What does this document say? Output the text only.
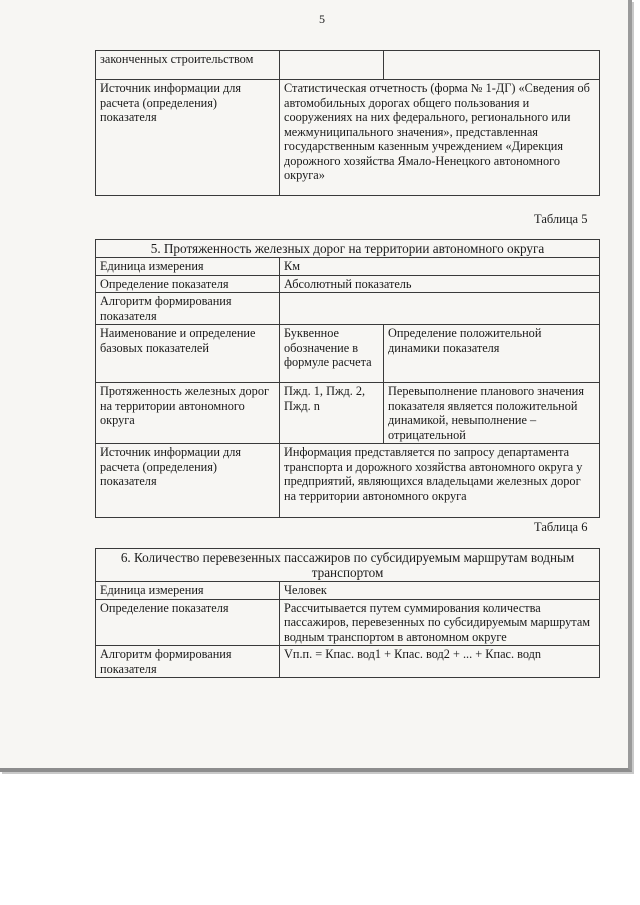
5
законченных строительством		
Источник информации для расчета (определения) показателя	Статистическая отчетность (форма № 1-ДГ) «Сведения об автомобильных дорогах общего пользования и сооружениях на них федерального, регионального или межмуниципального значения», представленная государственным казенным учреждением «Дирекция дорожного хозяйства Ямало-Ненецкого автономного округа»	
Таблица 5
5. Протяженность железных дорог на территории автономного округа		
Единица измерения	Км	
Определение показателя	Абсолютный показатель	
Алгоритм формирования показателя		
Наименование и определение базовых показателей	Буквенное обозначение в формуле расчета	Определение положительной динамики показателя
Протяженность железных дорог на территории автономного округа	Пжд. 1, Пжд. 2, Пжд. n	Перевыполнение планового значения показателя является положительной динамикой, невыполнение – отрицательной
Источник информации для расчета (определения) показателя	Информация представляется по запросу департамента транспорта и дорожного хозяйства автономного округа у предприятий, являющихся владельцами железных дорог на территории автономного округа	
Таблица 6
6. Количество перевезенных пассажиров по субсидируемым маршрутам водным транспортом	
Единица измерения	Человек
Определение показателя	Рассчитывается путем суммирования количества пассажиров, перевезенных по субсидируемым маршрутам водным транспортом в автономном округе
Алгоритм формирования показателя	Vп.п. = Кпас. вод1 + Кпас. вод2 + ... + Кпас. водn
